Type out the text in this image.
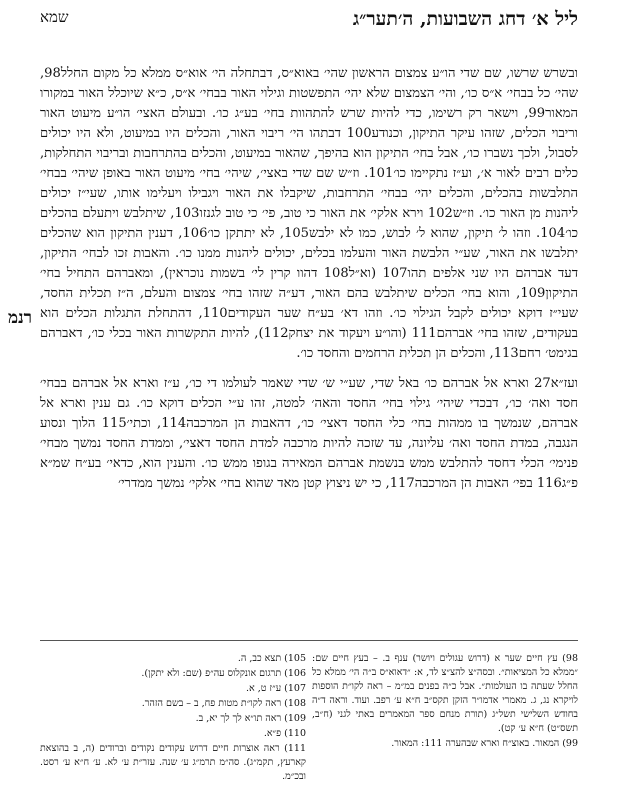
ליל א׳ דחג השבועות, ה׳תער״ג
שמא
רנמ

ובשרש שרשו, שם שדי הו״ע צמצום הראשון שהי׳ באוא״ס, דבתחלה הי׳ אוא״ס ממלא כל מקום החלל98, שהי׳ כל בבחי׳ א״ס כו׳, והי׳ הצמצום שלא יהי׳ התפשטות וגילוי האור בבחי׳ א״ס, כ״א שיוכלל האור במקורו המאור99, וישאר רק רשימו, כדי להיות שרש להתהוות בחי׳ בע״ג כו׳. ובעולם האצי׳ הו״ע מיעוט האור וריבוי הכלים, שזהו עיקר התיקון, וכנודע100 דבתהו הי׳ ריבוי האור, והכלים היו במיעוט, ולא היו יכולים לסבול, ולכך נשברו כו׳, אבל בחי׳ התיקון הוא בהיפך, שהאור במיעוט, והכלים בהתרחבות ובריבוי התחלקות, כלים רבים לאור א׳, וע״ז נתקיימו כו׳101. וז״ש שם שדי באצי׳, שיהי׳ בחי׳ מיעוט האור באופן שיהי׳ בבחי׳ התלבשות בהכלים, והכלים יהי׳ בבחי׳ התרחבות, שיקבלו את האור ויגבילו ויעלימו אותו, שעי״ז יכולים ליהנות מן האור כו׳. וז״ש102 וירא אלקי׳ את האור כי טוב, פי׳ כי טוב לגנזו103, שיתלבש ויתעלם בהכלים כו׳104. וזהו ל׳ תיקון, שהוא ל׳ לבוש, כמו לא ילבש105, לא יתתקן כו׳106, דענין התיקון הוא שהכלים יתלבשו את האור, שע״י הלבשת האור והעלמו בכלים, יכולים ליהנות ממנו כו׳. והאבות זכו לבחי׳ התיקון, דעד אברהם היו שני אלפים תהו107 (וא״ל108 דהוו קרין לי׳ בשמות נוכראין), ומאברהם התחיל בחי׳ התיקון109, והוא בחי׳ הכלים שיתלבש בהם האור, דע״ה שזהו בחי׳ צמצום והעלם, ה״ז תכלית החסד, שעי״ז דוקא יכולים לקבל הגילוי כו׳. וזהו דא׳ בע״ח שער העקודים110, דהתחלת התגלות הכלים הוא בעקודים, שזהו בחי׳ אברהם111 (והו״ע ויעקוד את יצחק112), להיות התקשרות האור בכלי כו׳, דאברהם בגימט׳ רחם113, והכלים הן תכלית הרחמים והחסד כו׳.

ועז״א27 וארא אל אברהם כו׳ באל שדי, שע״י ש׳ שדי שאמר לעולמו די כו׳, ע״ז וארא אל אברהם בבחי׳ חסד ואה׳ כו׳, דבכדי שיהי׳ גילוי בחי׳ החסד והאה׳ למטה, זהו ע״י הכלים דוקא כו׳. גם ענין וארא אל אברהם, שנמשך בו ממהות בחי׳ כלי החסד דאצי׳ כו׳, דהאבות הן המרכבה114, וכתי׳115 הלוך ונסוע הנגבה, במדת החסד ואה׳ עליונה, עד שזכה להיות מרכבה למדת החסד דאצי׳, וממדת החסד נמשך מבחי׳ פנימי׳ הכלי דחסד להתלבש ממש בנשמת אברהם המאירה בגופו ממש כו׳. והענין הוא, כדאי׳ בע״ח שמ״א פ״ג116 בפי׳ האבות הן המרכבה117, כי יש ניצוץ קטן מאד שהוא בחי׳ אלקי׳ נמשך ממדרי׳

98) עץ חיים שער א (דרוש עגולים ויושר) ענף ב. – בעץ חיים שם: ״ממלא כל המציאות״. ובסה״צ להצ״צ לד, א: ״דאוא״ס ב״ה הי׳ ממלא כל החלל שעתה בו העולמות״. אבל כ״ה בפנים במ״מ – ראה לקו״ת הוספות לויקרא נג, ג. מאמרי אדמו״ר הזקן תקס״ב ח״א ע׳ רפב. ועוד. וראה ד״ה בחודש השלישי תשל״ג (תורת מנחם ספר המאמרים באתי לגני (ח״ב, תשס״ט) ח״א ע׳ קט).

99) המאור. באוצ״ח וארא שבהערה 111: המאור.

105) תצא כב, ה.

106) תרגום אונקלוס עה״פ (שם: ולא יתקן).

107) ע״ז ט, א.

108) ראה לקו״ת מטות פח, ב – בשם הזהר.

109) ראה תו״א לך לך יא, ב.

110) פ״א.

111) ראה אוצרות חיים דרוש עקודים נקודים וברודים (ה, ב בהוצאת קארעץ, תקמ״ג). סה״מ תרמ״ג ע׳ שנה. עזר״ת ע׳ לא. ע׳ ח״א ע׳ רסט. ובכ״מ.
